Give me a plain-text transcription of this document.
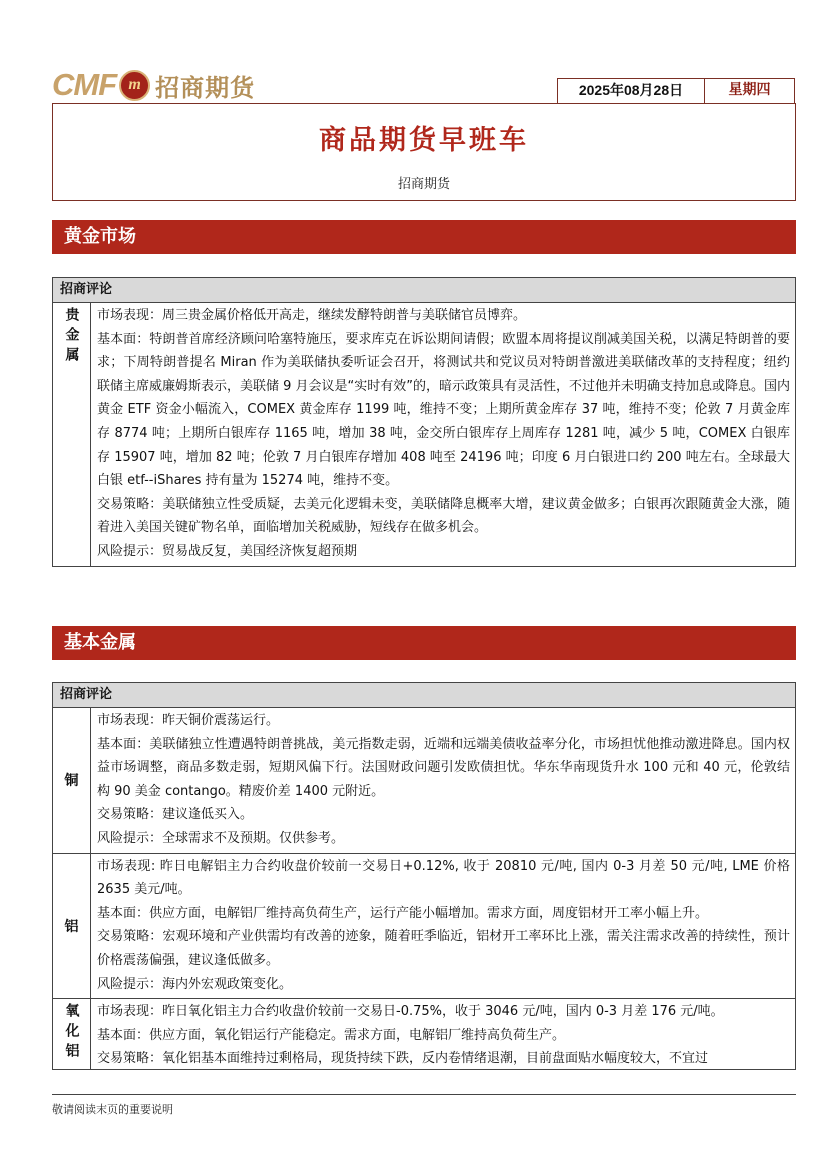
CMF m 招商期货	2025年08月28日	星期四
商品期货早班车
招商期货
黄金市场
招商评论
贵金属 市场表现：周三贵金属价格低开高走，继续发酵特朗普与美联储官员博弈。
基本面：特朗普首席经济顾问哈塞特施压，要求库克在诉讼期间请假；欧盟本周将提议削减美国关税，以满足特朗普的要求；下周特朗普提名 Miran 作为美联储执委听证会召开，将测试共和党议员对特朗普激进美联储改革的支持程度；纽约联储主席威廉姆斯表示，美联储 9 月会议是“实时有效”的，暗示政策具有灵活性，不过他并未明确支持加息或降息。国内黄金 ETF 资金小幅流入，COMEX 黄金库存 1199 吨，维持不变；上期所黄金库存 37 吨，维持不变；伦敦 7 月黄金库存 8774 吨；上期所白银库存 1165 吨，增加 38 吨，金交所白银库存上周库存 1281 吨，减少 5 吨，COMEX 白银库存 15907 吨，增加 82 吨；伦敦 7 月白银库存增加 408 吨至 24196 吨；印度 6 月白银进口约 200 吨左右。全球最大白银 etf--iShares 持有量为 15274 吨，维持不变。
交易策略：美联储独立性受质疑，去美元化逻辑未变，美联储降息概率大增，建议黄金做多；白银再次跟随黄金大涨，随着进入美国关键矿物名单，面临增加关税威胁，短线存在做多机会。
风险提示：贸易战反复，美国经济恢复超预期
基本金属
招商评论
铜
市场表现：昨天铜价震荡运行。
基本面：美联储独立性遭遇特朗普挑战，美元指数走弱，近端和远端美债收益率分化，市场担忧他推动激进降息。国内权益市场调整，商品多数走弱，短期风偏下行。法国财政问题引发欧债担忧。华东华南现货升水 100 元和 40 元，伦敦结构 90 美金 contango。精废价差 1400 元附近。
交易策略：建议逢低买入。
风险提示：全球需求不及预期。仅供参考。
铝
市场表现: 昨日电解铝主力合约收盘价较前一交易日+0.12%, 收于 20810 元/吨, 国内 0-3 月差 50 元/吨, LME 价格 2635 美元/吨。
基本面：供应方面，电解铝厂维持高负荷生产，运行产能小幅增加。需求方面，周度铝材开工率小幅上升。
交易策略：宏观环境和产业供需均有改善的迹象，随着旺季临近，铝材开工率环比上涨，需关注需求改善的持续性，预计价格震荡偏强，建议逢低做多。
风险提示：海内外宏观政策变化。
氧化铝 市场表现：昨日氧化铝主力合约收盘价较前一交易日-0.75%，收于 3046 元/吨，国内 0-3 月差 176 元/吨。
基本面：供应方面，氧化铝运行产能稳定。需求方面，电解铝厂维持高负荷生产。
交易策略：氧化铝基本面维持过剩格局，现货持续下跌，反内卷情绪退潮，目前盘面贴水幅度较大，不宜过
敬请阅读末页的重要说明
